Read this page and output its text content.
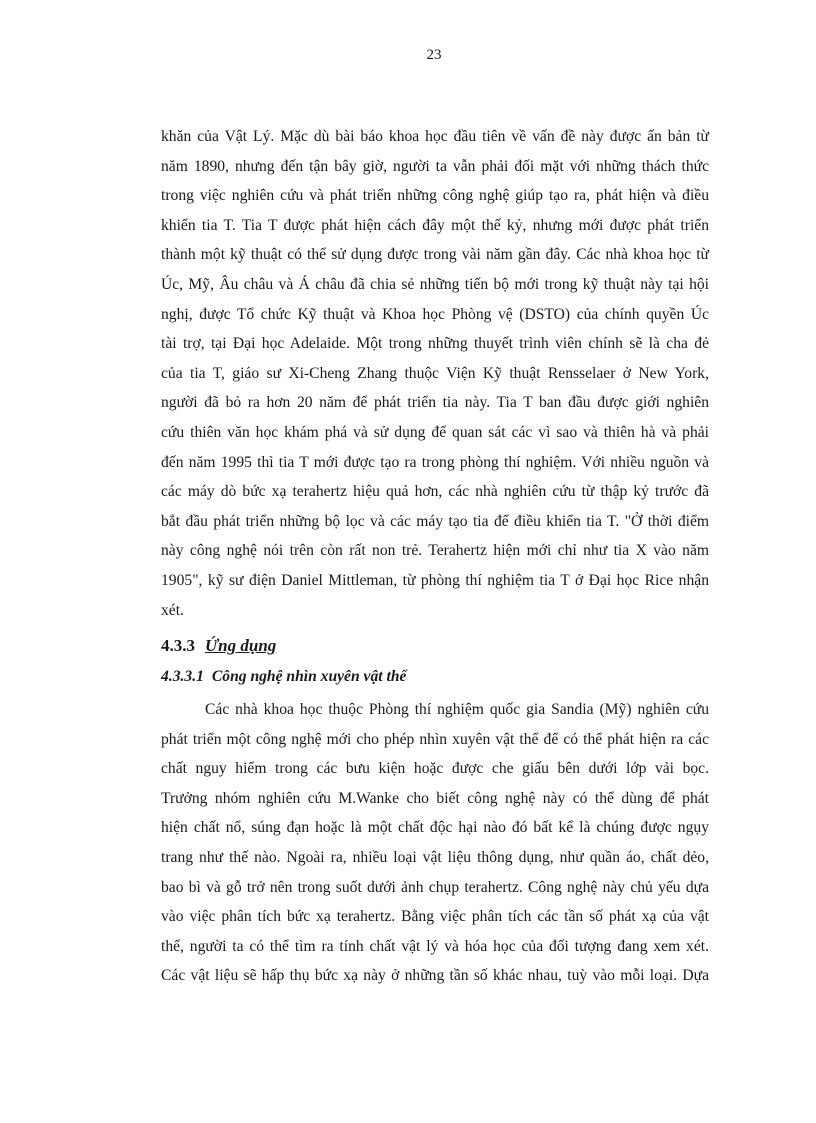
23
khăn của Vật Lý. Mặc dù bài báo khoa học đầu tiên về vấn đề này được ấn bản từ
năm 1890, nhưng đến tận bây giờ, người ta vẫn phải đối mặt với những thách thức
trong việc nghiên cứu và phát triển những công nghệ giúp tạo ra, phát hiện và điều
khiển tia T. Tia T được phát hiện cách đây một thế kỷ, nhưng mới được phát triển
thành một kỹ thuật có thể sử dụng được trong vài năm gần đây. Các nhà khoa học từ
Úc, Mỹ, Âu châu và Á châu đã chia sẻ những tiến bộ mới trong kỹ thuật này tại hội
nghị, được Tổ chức Kỹ thuật và Khoa học Phòng vệ (DSTO) của chính quyền Úc
tài trợ, tại Đại học Adelaide. Một trong những thuyết trình viên chính sẽ là cha đẻ
của tia T, giáo sư Xi-Cheng Zhang thuộc Viện Kỹ thuật Rensselaer ở New York,
người đã bỏ ra hơn 20 năm để phát triển tia này. Tia T ban đầu được giới nghiên
cứu thiên văn học khám phá và sử dụng để quan sát các vì sao và thiên hà và phải
đến năm 1995 thì tia T mới được tạo ra trong phòng thí nghiệm. Với nhiều nguồn và
các máy dò bức xạ terahertz hiệu quả hơn, các nhà nghiên cứu từ thập kỷ trước đã
bắt đầu phát triển những bộ lọc và các máy tạo tia để điều khiển tia T. "Ở thời điểm
này công nghệ nói trên còn rất non trẻ. Terahertz hiện mới chỉ như tia X vào năm
1905", kỹ sư điện Daniel Mittleman, từ phòng thí nghiệm tia T ở Đại học Rice nhận
xét.
4.3.3 Ứng dụng
4.3.3.1 Công nghệ nhìn xuyên vật thể
Các nhà khoa học thuộc Phòng thí nghiệm quốc gia Sandia (Mỹ) nghiên cứu
phát triển một công nghệ mới cho phép nhìn xuyên vật thể để có thể phát hiện ra các
chất nguy hiểm trong các bưu kiện hoặc được che giấu bên dưới lớp vải bọc.
Trưởng nhóm nghiên cứu M.Wanke cho biết công nghệ này có thể dùng để phát
hiện chất nổ, súng đạn hoặc là một chất độc hại nào đó bất kể là chúng được ngụy
trang như thế nào. Ngoài ra, nhiều loại vật liệu thông dụng, như quần áo, chất dẻo,
bao bì và gỗ trở nên trong suốt dưới ảnh chụp terahertz. Công nghệ này chủ yếu dựa
vào việc phân tích bức xạ terahertz. Bằng việc phân tích các tần số phát xạ của vật
thể, người ta có thể tìm ra tính chất vật lý và hóa học của đối tượng đang xem xét.
Các vật liệu sẽ hấp thụ bức xạ này ở những tần số khác nhau, tuỳ vào mỗi loại. Dựa
